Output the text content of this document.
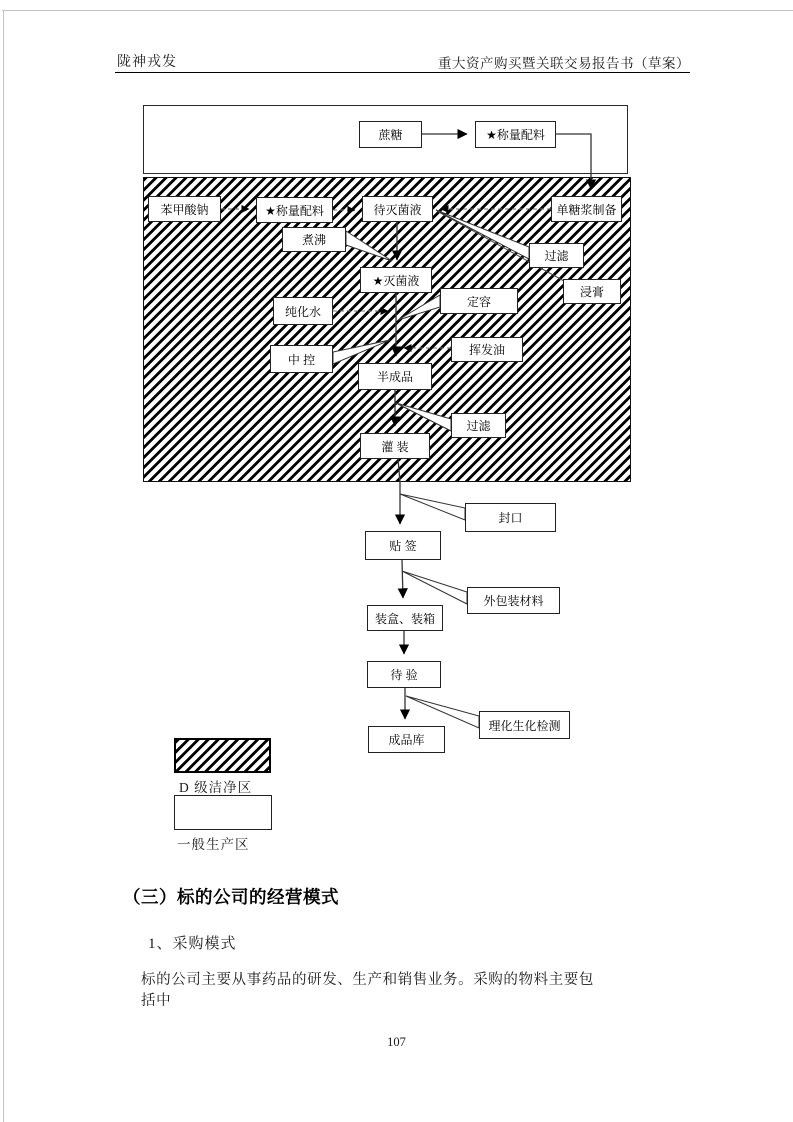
陇神戎发	重大资产购买暨关联交易报告书（草案）
蔗糖	★称量配料
苯甲酸钠	★称量配料	待灭菌液	单糖浆制备
煮沸
过滤
浸膏
★灭菌液
纯化水
定容
中 控
挥发油
半成品
过滤
灌 装
封口
贴 签
外包装材料
装盒、装箱
待 验
理化生化检测
成品库
D 级洁净区
一般生产区
（三）标的公司的经营模式
1、采购模式
标的公司主要从事药品的研发、生产和销售业务。采购的物料主要包括中
107
